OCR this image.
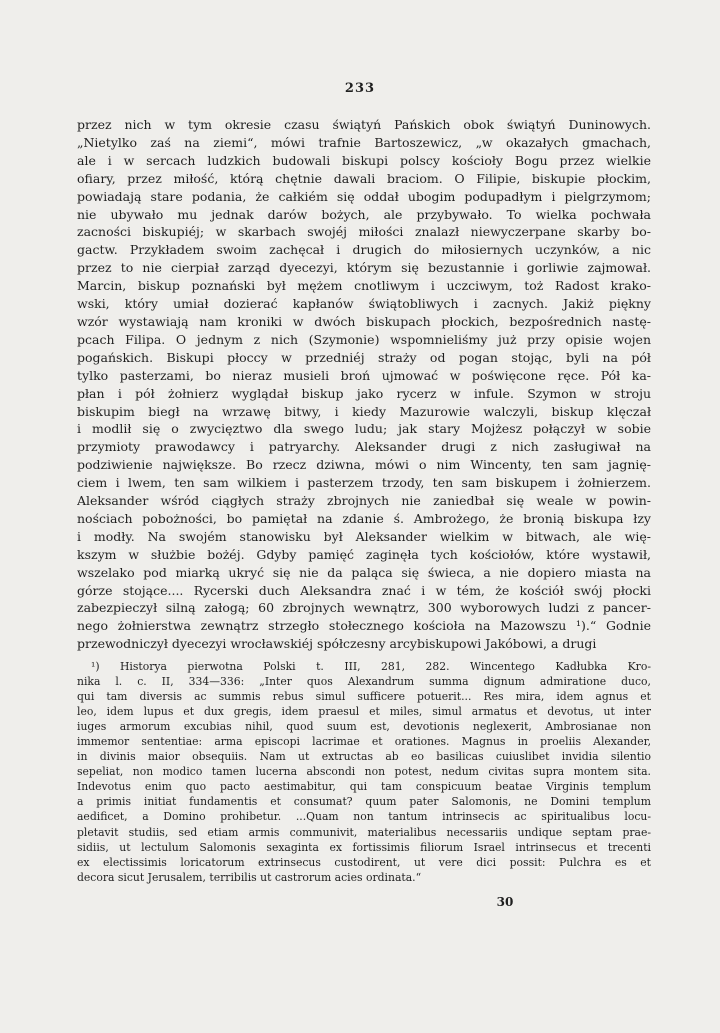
233
przez nich w tym okresie czasu świątyń Pańskich obok świątyń Duninowych.
„Nietylko zaś na ziemi“, mówi trafnie Bartoszewicz, „w okazałych gmachach,
ale i w sercach ludzkich budowali biskupi polscy kościoły Bogu przez wielkie
ofiary, przez miłość, którą chętnie dawali braciom. O Filipie, biskupie płockim,
powiadają stare podania, że całkiém się oddał ubogim podupadłym i pielgrzymom;
nie ubywało mu jednak darów bożych, ale przybywało. To wielka pochwała
zacności biskupiéj; w skarbach swojéj miłości znalazł niewyczerpane skarby bo-
gactw. Przykładem swoim zachęcał i drugich do miłosiernych uczynków, a nic
przez to nie cierpiał zarząd dyecezyi, którym się bezustannie i gorliwie zajmował.
Marcin, biskup poznański był mężem cnotliwym i uczciwym, toż Radost krako-
wski, który umiał dozierać kapłanów świątobliwych i zacnych. Jakiż piękny
wzór wystawiają nam kroniki w dwóch biskupach płockich, bezpośrednich nastę-
pcach Filipa. O jednym z nich (Szymonie) wspomnieliśmy już przy opisie wojen
pogańskich. Biskupi płoccy w przedniéj straży od pogan stojąc, byli na pół
tylko pasterzami, bo nieraz musieli broń ujmować w poświęcone ręce. Pół ka-
płan i pół żołnierz wyglądał biskup jako rycerz w infule. Szymon w stroju
biskupim biegł na wrzawę bitwy, i kiedy Mazurowie walczyli, biskup klęczał
i modlił się o zwycięztwo dla swego ludu; jak stary Mojżesz połączył w sobie
przymioty prawodawcy i patryarchy. Aleksander drugi z nich zasługiwał na
podziwienie największe. Bo rzecz dziwna, mówi o nim Wincenty, ten sam jagnię-
ciem i lwem, ten sam wilkiem i pasterzem trzody, ten sam biskupem i żołnierzem.
Aleksander wśród ciągłych straży zbrojnych nie zaniedbał się weale w powin-
nościach pobożności, bo pamiętał na zdanie ś. Ambrożego, że bronią biskupa łzy
i modły. Na swojém stanowisku był Aleksander wielkim w bitwach, ale wię-
kszym w służbie bożéj. Gdyby pamięć zaginęła tych kościołów, które wystawił,
wszelako pod miarką ukryć się nie da paląca się świeca, a nie dopiero miasta na
górze stojące.... Rycerski duch Aleksandra znać i w tém, że kościół swój płocki
zabezpieczył silną załogą; 60 zbrojnych wewnątrz, 300 wyborowych ludzi z pancer-
nego żołnierstwa zewnątrz strzegło stołecznego kościoła na Mazowszu ¹).“ Godnie
przewodniczył dyecezyi wrocławskiéj spółczesny arcybiskupowi Jakóbowi, a drugi
¹) Historya pierwotna Polski t. III, 281, 282. Wincentego Kadłubka Kro-
nika l. c. II, 334—336: „Inter quos Alexandrum summa dignum admiratione duco,
qui tam diversis ac summis rebus simul sufficere potuerit... Res mira, idem agnus et
leo, idem lupus et dux gregis, idem praesul et miles, simul armatus et devotus, ut inter
iuges armorum excubias nihil, quod suum est, devotionis neglexerit, Ambrosianae non
immemor sententiae: arma episcopi lacrimae et orationes. Magnus in proeliis Alexander,
in divinis maior obsequiis. Nam ut extructas ab eo basilicas cuiuslibet invidia silentio
sepeliat, non modico tamen lucerna abscondi non potest, nedum civitas supra montem sita.
Indevotus enim quo pacto aestimabitur, qui tam conspicuum beatae Virginis templum
a primis initiat fundamentis et consumat? quum pater Salomonis, ne Domini templum
aedificet, a Domino prohibetur. ...Quam non tantum intrinsecis ac spiritualibus locu-
pletavit studiis, sed etiam armis communivit, materialibus necessariis undique septam prae-
sidiis, ut lectulum Salomonis sexaginta ex fortissimis filiorum Israel intrinsecus et trecenti
ex electissimis loricatorum extrinsecus custodirent, ut vere dici possit: Pulchra es et
decora sicut Jerusalem, terribilis ut castrorum acies ordinata.“
30
